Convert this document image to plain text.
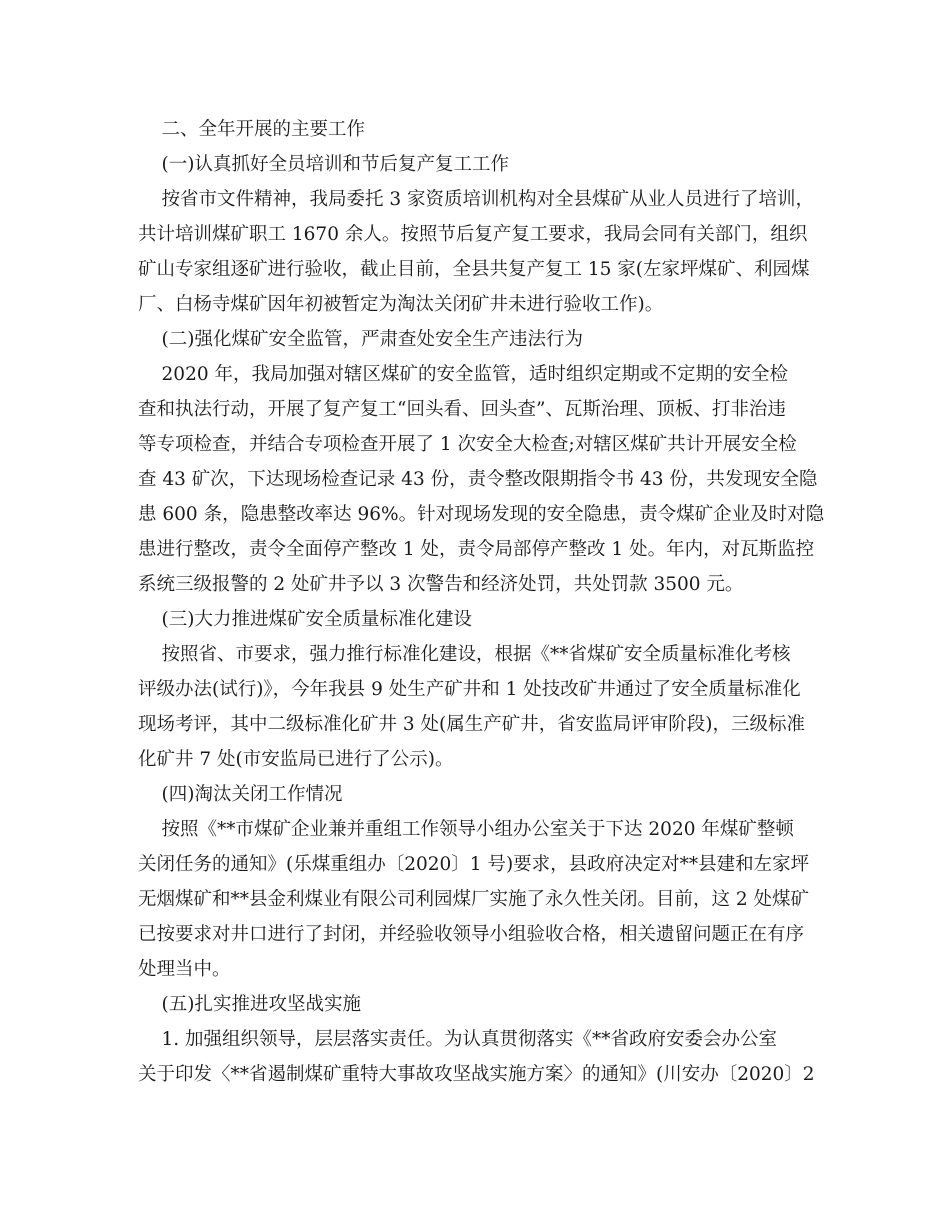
二、全年开展的主要工作
(一)认真抓好全员培训和节后复产复工工作
按省市文件精神，我局委托 3 家资质培训机构对全县煤矿从业人员进行了培训，
共计培训煤矿职工 1670 余人。按照节后复产复工要求，我局会同有关部门，组织
矿山专家组逐矿进行验收，截止目前，全县共复产复工 15 家(左家坪煤矿、利园煤
厂、白杨寺煤矿因年初被暂定为淘汰关闭矿井未进行验收工作)。
(二)强化煤矿安全监管，严肃查处安全生产违法行为
2020 年，我局加强对辖区煤矿的安全监管，适时组织定期或不定期的安全检
查和执法行动，开展了复产复工“回头看、回头查”、瓦斯治理、顶板、打非治违
等专项检查，并结合专项检查开展了 1 次安全大检查;对辖区煤矿共计开展安全检
查 43 矿次，下达现场检查记录 43 份，责令整改限期指令书 43 份，共发现安全隐
患 600 条，隐患整改率达 96%。针对现场发现的安全隐患，责令煤矿企业及时对隐
患进行整改，责令全面停产整改 1 处，责令局部停产整改 1 处。年内，对瓦斯监控
系统三级报警的 2 处矿井予以 3 次警告和经济处罚，共处罚款 3500 元。
(三)大力推进煤矿安全质量标准化建设
按照省、市要求，强力推行标准化建设，根据《**省煤矿安全质量标准化考核
评级办法(试行)》，今年我县 9 处生产矿井和 1 处技改矿井通过了安全质量标准化
现场考评，其中二级标准化矿井 3 处(属生产矿井，省安监局评审阶段)，三级标准
化矿井 7 处(市安监局已进行了公示)。
(四)淘汰关闭工作情况
按照《**市煤矿企业兼并重组工作领导小组办公室关于下达 2020 年煤矿整顿
关闭任务的通知》(乐煤重组办〔2020〕1 号)要求，县政府决定对**县建和左家坪
无烟煤矿和**县金利煤业有限公司利园煤厂实施了永久性关闭。目前，这 2 处煤矿
已按要求对井口进行了封闭，并经验收领导小组验收合格，相关遗留问题正在有序
处理当中。
(五)扎实推进攻坚战实施
1. 加强组织领导，层层落实责任。为认真贯彻落实《**省政府安委会办公室
关于印发〈**省遏制煤矿重特大事故攻坚战实施方案〉的通知》(川安办〔2020〕2
